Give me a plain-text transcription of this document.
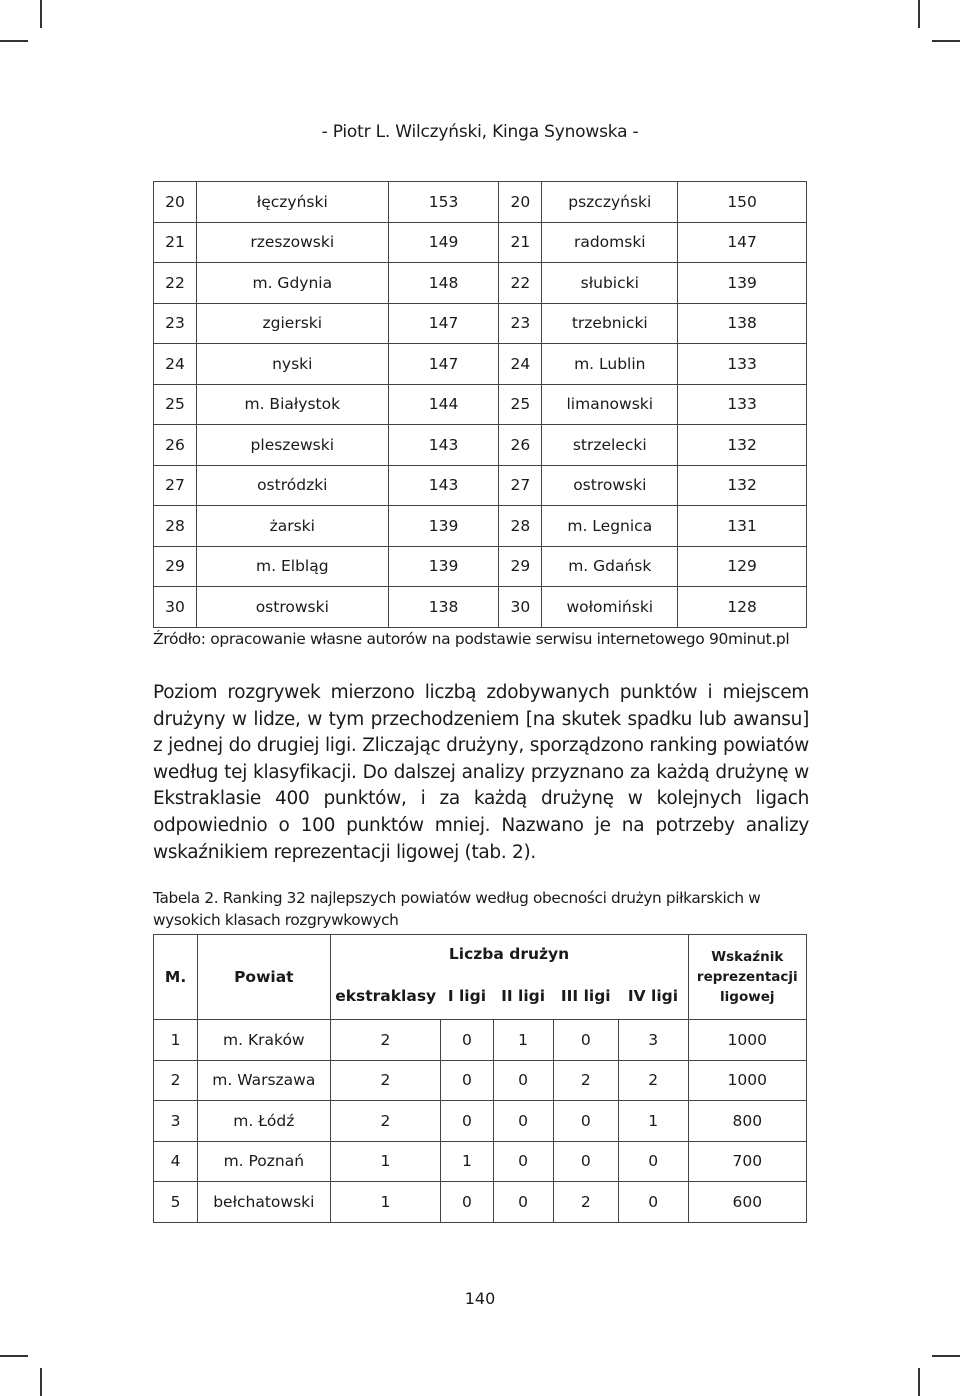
- Piotr L. Wilczyński, Kinga Synowska -
20	łęczyński	153	20	pszczyński	150
21	rzeszowski	149	21	radomski	147
22	m. Gdynia	148	22	słubicki	139
23	zgierski	147	23	trzebnicki	138
24	nyski	147	24	m. Lublin	133
25	m. Białystok	144	25	limanowski	133
26	pleszewski	143	26	strzelecki	132
27	ostródzki	143	27	ostrowski	132
28	żarski	139	28	m. Legnica	131
29	m. Elbląg	139	29	m. Gdańsk	129
30	ostrowski	138	30	wołomiński	128
Źródło: opracowanie własne autorów na podstawie serwisu internetowego 90minut.pl
Poziom rozgrywek mierzono liczbą zdobywanych punktów i miejscem drużyny w lidze, w tym przechodzeniem [na skutek spadku lub awansu] z jednej do drugiej ligi. Zliczając drużyny, sporządzono ranking powiatów według tej klasyfikacji. Do dalszej analizy przyznano za każdą drużynę w Ekstraklasie 400 punktów, i za każdą drużynę w kolejnych ligach odpowiednio o 100 punktów mniej. Nazwano je na potrzeby analizy wskaźnikiem reprezentacji ligowej (tab. 2).
Tabela 2. Ranking 32 najlepszych powiatów według obecności drużyn piłkarskich w wysokich klasach rozgrywkowych
M.	Powiat	Liczba drużyn					Wskaźnik
reprezentacji
ligowej

		ekstraklasy	I ligi	II ligi	III ligi	IV ligi	
1	m. Kraków	2	0	1	0	3	1000
2	m. Warszawa	2	0	0	2	2	1000
3	m. Łódź	2	0	0	0	1	800
4	m. Poznań	1	1	0	0	0	700
5	bełchatowski	1	0	0	2	0	600
140
